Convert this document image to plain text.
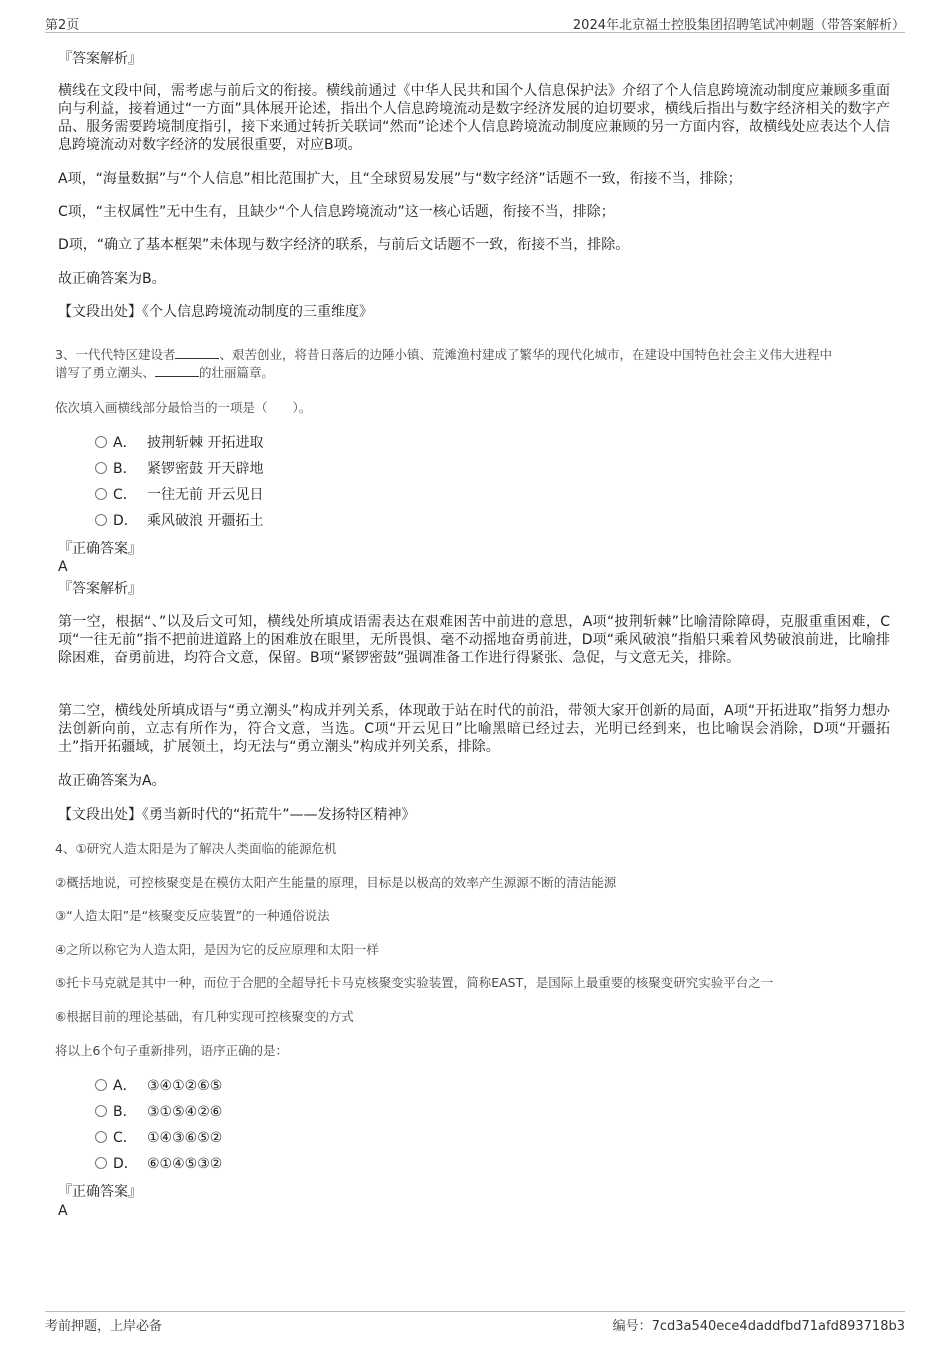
第2页	2024年北京福士控股集团招聘笔试冲刺题（带答案解析）
『答案解析』
横线在文段中间，需考虑与前后文的衔接。横线前通过《中华人民共和国个人信息保护法》介绍了个人信息跨境流动制度应兼顾多重面向与利益，接着通过“一方面”具体展开论述，指出个人信息跨境流动是数字经济发展的迫切要求，横线后指出与数字经济相关的数字产品、服务需要跨境制度指引，接下来通过转折关联词“然而”论述个人信息跨境流动制度应兼顾的另一方面内容，故横线处应表达个人信息跨境流动对数字经济的发展很重要，对应B项。
A项，“海量数据”与“个人信息”相比范围扩大，且“全球贸易发展”与“数字经济”话题不一致，衔接不当，排除；
C项，“主权属性”无中生有，且缺少“个人信息跨境流动”这一核心话题，衔接不当，排除；
D项，“确立了基本框架”未体现与数字经济的联系，与前后文话题不一致，衔接不当，排除。
故正确答案为B。
【文段出处】《个人信息跨境流动制度的三重维度》
3、一代代特区建设者	、艰苦创业，将昔日落后的边陲小镇、荒滩渔村建成了繁华的现代化城市，在建设中国特色社会主义伟大进程中
谱写了勇立潮头、	的壮丽篇章。
依次填入画横线部分最恰当的一项是（　　）。
A． 披荆斩棘 开拓进取
B． 紧锣密鼓 开天辟地
C． 一往无前 开云见日
D． 乘风破浪 开疆拓土
『正确答案』
A
『答案解析』
第一空，根据“、”以及后文可知，横线处所填成语需表达在艰难困苦中前进的意思，A项“披荆斩棘”比喻清除障碍，克服重重困难，C项“一往无前”指不把前进道路上的困难放在眼里，无所畏惧、毫不动摇地奋勇前进，D项“乘风破浪”指船只乘着风势破浪前进，比喻排除困难，奋勇前进，均符合文意，保留。B项“紧锣密鼓”强调准备工作进行得紧张、急促，与文意无关，排除。
第二空，横线处所填成语与“勇立潮头”构成并列关系，体现敢于站在时代的前沿，带领大家开创新的局面，A项“开拓进取”指努力想办法创新向前，立志有所作为，符合文意，当选。C项“开云见日”比喻黑暗已经过去，光明已经到来，也比喻误会消除，D项“开疆拓土”指开拓疆域，扩展领土，均无法与“勇立潮头”构成并列关系，排除。
故正确答案为A。
【文段出处】《勇当新时代的“拓荒牛”——发扬特区精神》
4、①研究人造太阳是为了解决人类面临的能源危机
②概括地说，可控核聚变是在模仿太阳产生能量的原理，目标是以极高的效率产生源源不断的清洁能源
③“人造太阳”是“核聚变反应装置”的一种通俗说法
④之所以称它为人造太阳，是因为它的反应原理和太阳一样
⑤托卡马克就是其中一种，而位于合肥的全超导托卡马克核聚变实验装置，简称EAST，是国际上最重要的核聚变研究实验平台之一
⑥根据目前的理论基础，有几种实现可控核聚变的方式
将以上6个句子重新排列，语序正确的是：
A． ③④①②⑥⑤
B． ③①⑤④②⑥
C． ①④③⑥⑤②
D． ⑥①④⑤③②
『正确答案』
A
考前押题，上岸必备	编号：7cd3a540ece4daddfbd71afd893718b3
